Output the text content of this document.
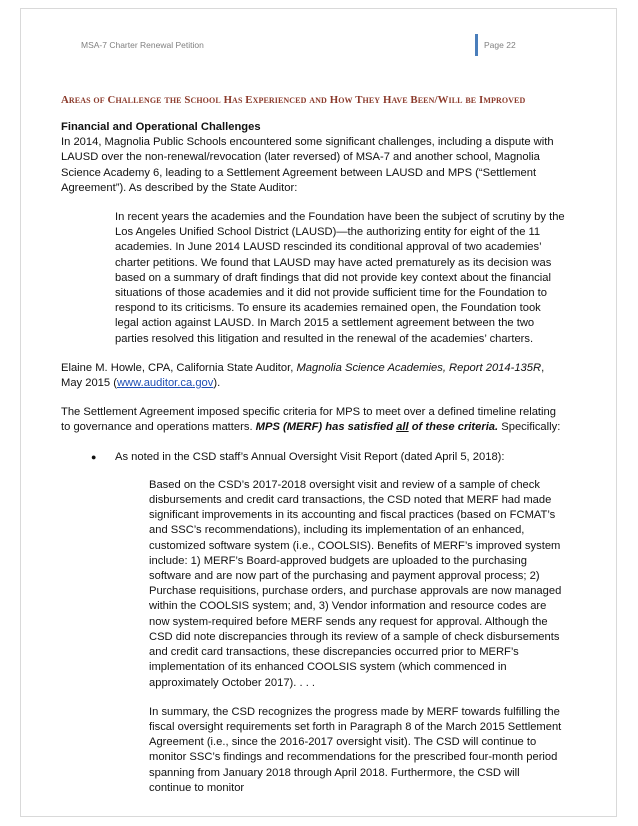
MSA-7 Charter Renewal Petition	Page 22
Areas of Challenge the School Has Experienced and How They Have Been/Will be Improved

Financial and Operational Challenges

In 2014, Magnolia Public Schools encountered some significant challenges, including a dispute with LAUSD over the non-renewal/revocation (later reversed) of MSA-7 and another school, Magnolia Science Academy 6, leading to a Settlement Agreement between LAUSD and MPS (“Settlement Agreement”). As described by the State Auditor:

In recent years the academies and the Foundation have been the subject of scrutiny by the Los Angeles Unified School District (LAUSD)—the authorizing entity for eight of the 11 academies. In June 2014 LAUSD rescinded its conditional approval of two academies’ charter petitions. We found that LAUSD may have acted prematurely as its decision was based on a summary of draft findings that did not provide key context about the financial situations of those academies and it did not provide sufficient time for the Foundation to respond to its criticisms. To ensure its academies remained open, the Foundation took legal action against LAUSD. In March 2015 a settlement agreement between the two parties resolved this litigation and resulted in the renewal of the academies’ charters.

Elaine M. Howle, CPA, California State Auditor, Magnolia Science Academies, Report 2014-135R, May 2015 (www.auditor.ca.gov).

The Settlement Agreement imposed specific criteria for MPS to meet over a defined timeline relating to governance and operations matters. MPS (MERF) has satisfied all of these criteria. Specifically:

●	As noted in the CSD staff’s Annual Oversight Visit Report (dated April 5, 2018):

Based on the CSD’s 2017-2018 oversight visit and review of a sample of check disbursements and credit card transactions, the CSD noted that MERF had made significant improvements in its accounting and fiscal practices (based on FCMAT’s and SSC’s recommendations), including its implementation of an enhanced, customized software system (i.e., COOLSIS). Benefits of MERF’s improved system include: 1) MERF’s Board-approved budgets are uploaded to the purchasing software and are now part of the purchasing and payment approval process; 2) Purchase requisitions, purchase orders, and purchase approvals are now managed within the COOLSIS system; and, 3) Vendor information and resource codes are now system-required before MERF sends any request for approval. Although the CSD did note discrepancies through its review of a sample of check disbursements and credit card transactions, these discrepancies occurred prior to MERF’s implementation of its enhanced COOLSIS system (which commenced in approximately October 2017). . . .

In summary, the CSD recognizes the progress made by MERF towards fulfilling the fiscal oversight requirements set forth in Paragraph 8 of the March 2015 Settlement Agreement (i.e., since the 2016-2017 oversight visit). The CSD will continue to monitor SSC’s findings and recommendations for the prescribed four-month period spanning from January 2018 through April 2018. Furthermore, the CSD will continue to monitor
